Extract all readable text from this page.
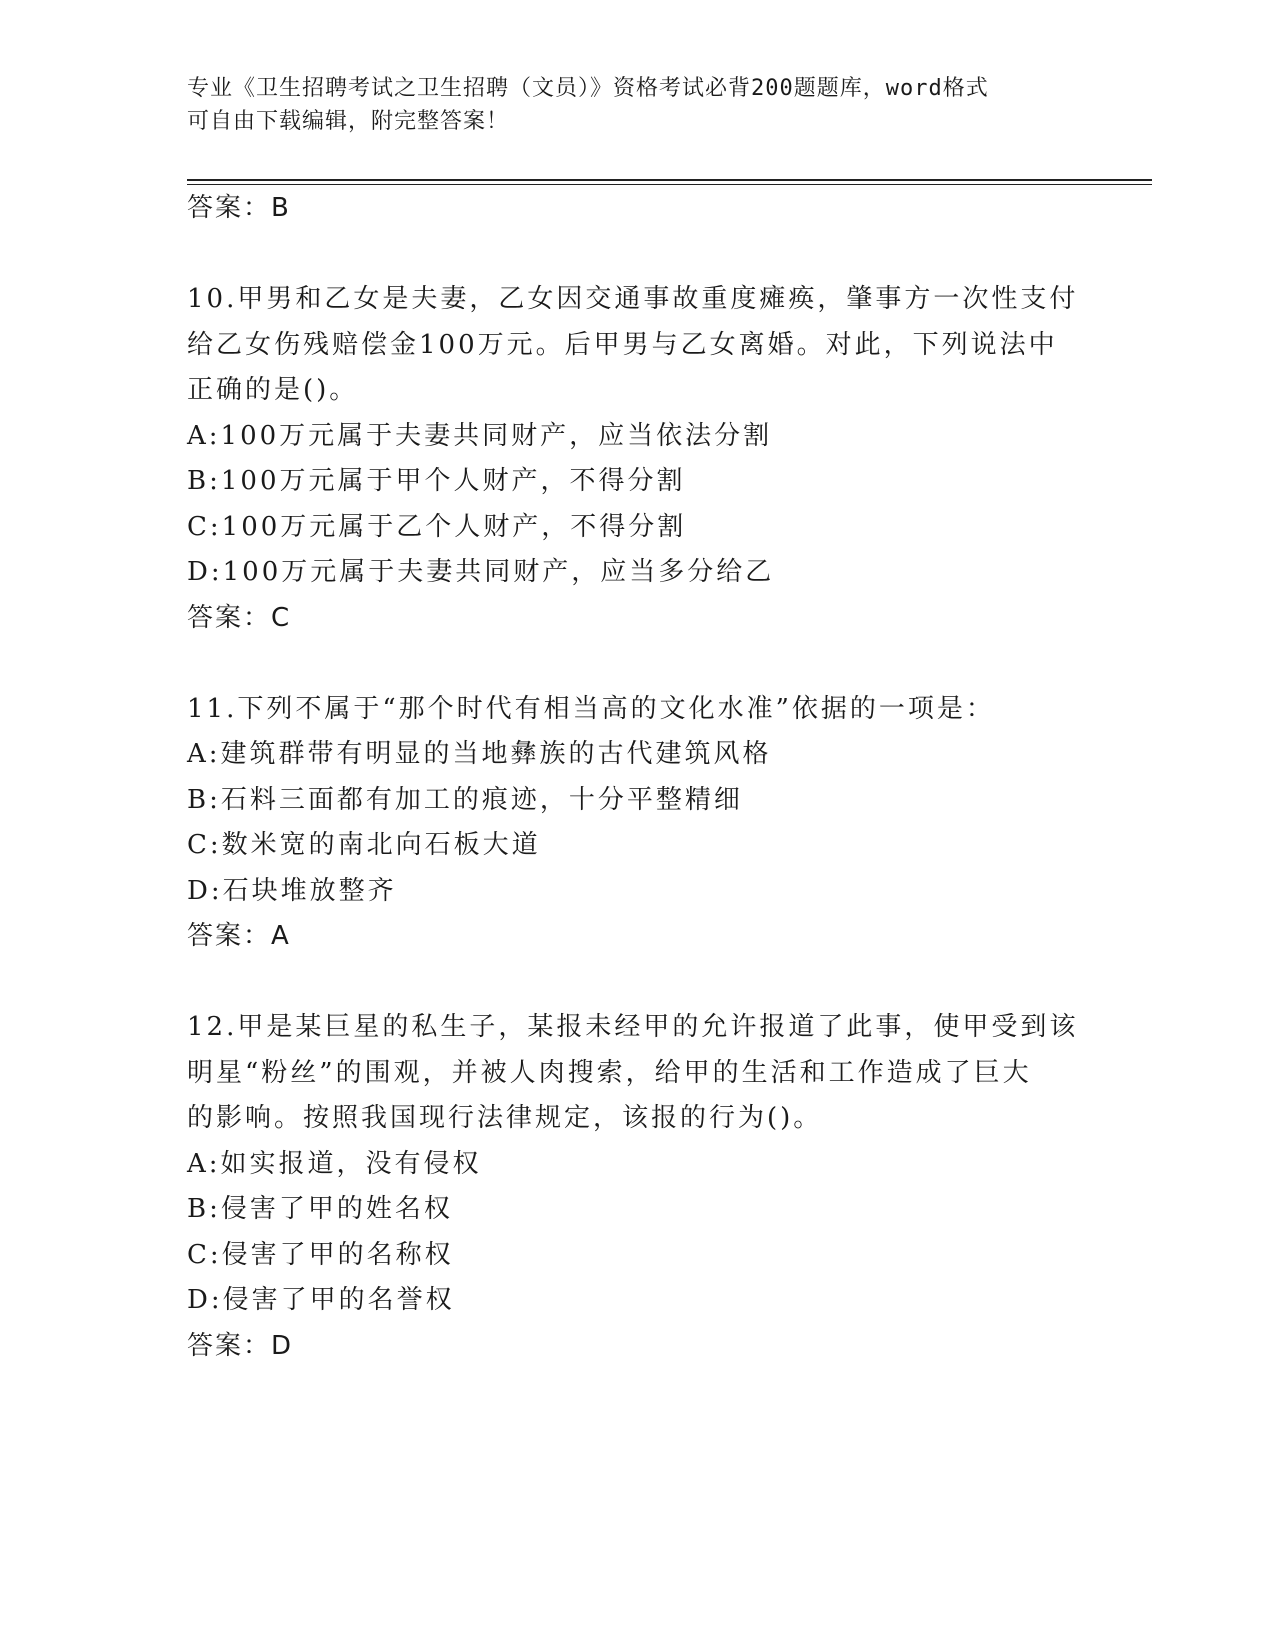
专业《卫生招聘考试之卫生招聘（文员）》资格考试必背200题题库，word格式
可自由下载编辑，附完整答案！
答案：B
10.甲男和乙女是夫妻，乙女因交通事故重度瘫痪，肇事方一次性支付
给乙女伤残赔偿金100万元。后甲男与乙女离婚。对此，下列说法中
正确的是()。
A:100万元属于夫妻共同财产，应当依法分割
B:100万元属于甲个人财产，不得分割
C:100万元属于乙个人财产，不得分割
D:100万元属于夫妻共同财产，应当多分给乙
答案：C
11.下列不属于“那个时代有相当高的文化水准”依据的一项是：
A:建筑群带有明显的当地彝族的古代建筑风格
B:石料三面都有加工的痕迹，十分平整精细
C:数米宽的南北向石板大道
D:石块堆放整齐
答案：A
12.甲是某巨星的私生子，某报未经甲的允许报道了此事，使甲受到该
明星“粉丝”的围观，并被人肉搜索，给甲的生活和工作造成了巨大
的影响。按照我国现行法律规定，该报的行为()。
A:如实报道，没有侵权
B:侵害了甲的姓名权
C:侵害了甲的名称权
D:侵害了甲的名誉权
答案：D
